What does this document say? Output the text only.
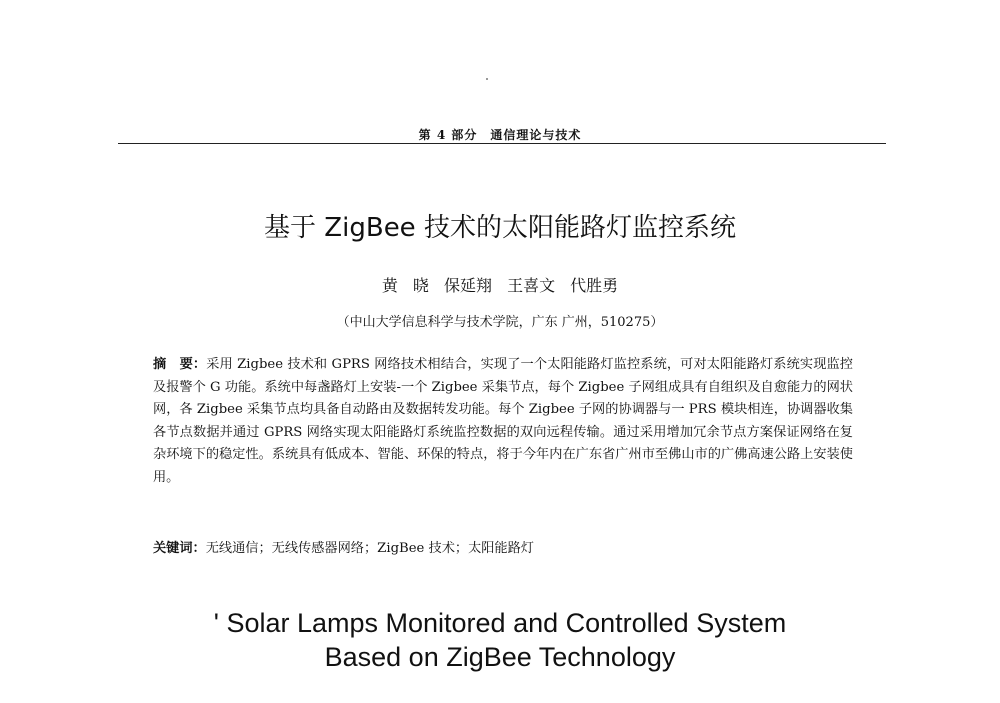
第 4 部分　通信理论与技术
基于 ZigBee 技术的太阳能路灯监控系统
黄 晓 保延翔 王喜文 代胜勇
（中山大学信息科学与技术学院，广东 广州，510275）
摘　要：采用 Zigbee 技术和 GPRS 网络技术相结合，实现了一个太阳能路灯监控系统，可对太阳能路灯系统实现监控及报警个 G 功能。系统中每盏路灯上安装-一个 Zigbee 采集节点，每个 Zigbee 子网组成具有自组织及自愈能力的网状网，各 Zigbee 采集节点均具备自动路由及数据转发功能。每个 Zigbee 子网的协调器与一 PRS 模块相连，协调器收集各节点数据并通过 GPRS 网络实现太阳能路灯系统监控数据的双向远程传输。通过采用增加冗余节点方案保证网络在复杂环境下的稳定性。系统具有低成本、智能、环保的特点，将于今年内在广东省广州市至佛山市的广佛高速公路上安装使用。
关键词：无线通信；无线传感器网络；ZigBee 技术；太阳能路灯
' Solar Lamps Monitored and Controlled System
Based on ZigBee Technology
